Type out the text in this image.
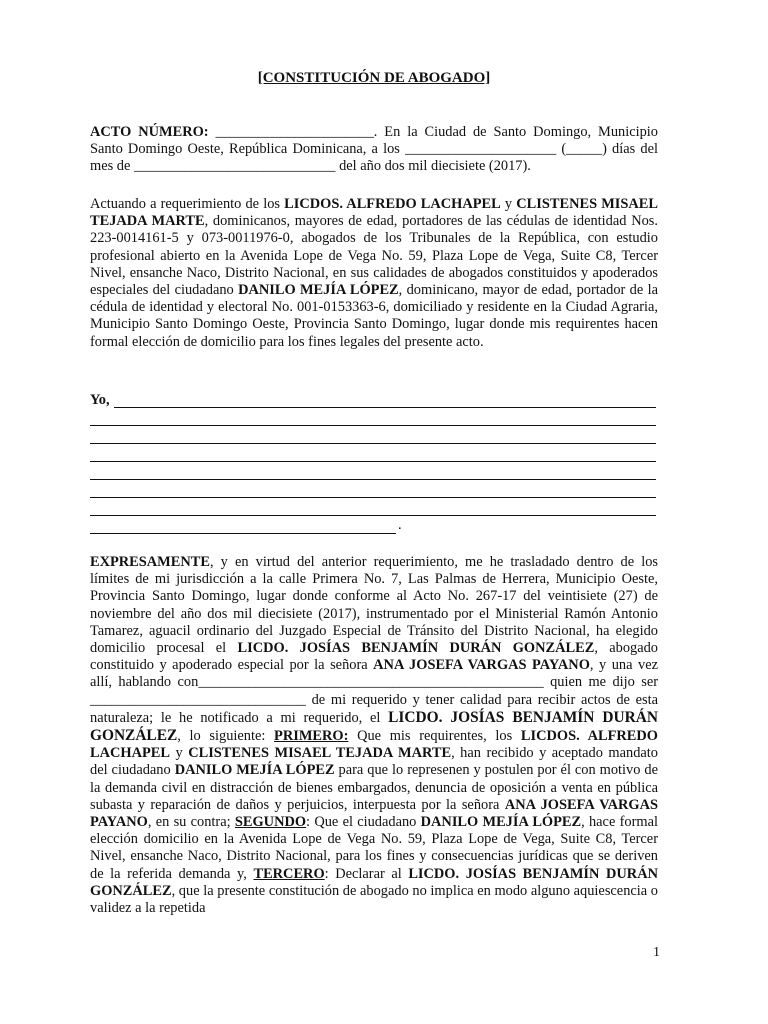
[CONSTITUCIÓN DE ABOGADO]

ACTO NÚMERO: ______________________. En la Ciudad de Santo Domingo, Municipio Santo Domingo Oeste, República Dominicana, a los _____________________ (_____) días del mes de ____________________________ del año dos mil diecisiete (2017).

Actuando a requerimiento de los LICDOS. ALFREDO LACHAPEL y CLISTENES MISAEL TEJADA MARTE, dominicanos, mayores de edad, portadores de las cédulas de identidad Nos. 223-0014161-5 y 073-0011976-0, abogados de los Tribunales de la República, con estudio profesional abierto en la Avenida Lope de Vega No. 59, Plaza Lope de Vega, Suite C8, Tercer Nivel, ensanche Naco, Distrito Nacional, en sus calidades de abogados constituidos y apoderados especiales del ciudadano DANILO MEJÍA LÓPEZ, dominicano, mayor de edad, portador de la cédula de identidad y electoral No. 001-0153363-6, domiciliado y residente en la Ciudad Agraria, Municipio Santo Domingo Oeste, Provincia Santo Domingo, lugar donde mis requirentes hacen formal elección de domicilio para los fines legales del presente acto.

Yo,
.

EXPRESAMENTE, y en virtud del anterior requerimiento, me he trasladado dentro de los límites de mi jurisdicción a la calle Primera No. 7, Las Palmas de Herrera, Municipio Oeste, Provincia Santo Domingo, lugar donde conforme al Acto No. 267-17 del veintisiete (27) de noviembre del año dos mil diecisiete (2017), instrumentado por el Ministerial Ramón Antonio Tamarez, aguacil ordinario del Juzgado Especial de Tránsito del Distrito Nacional, ha elegido domicilio procesal el LICDO. JOSÍAS BENJAMÍN DURÁN GONZÁLEZ, abogado constituido y apoderado especial por la señora ANA JOSEFA VARGAS PAYANO, y una vez allí, hablando con________________________________________________ quien me dijo ser ______________________________ de mi requerido y tener calidad para recibir actos de esta naturaleza; le he notificado a mi requerido, el LICDO. JOSÍAS BENJAMÍN DURÁN GONZÁLEZ, lo siguiente: PRIMERO: Que mis requirentes, los LICDOS. ALFREDO LACHAPEL y CLISTENES MISAEL TEJADA MARTE, han recibido y aceptado mandato del ciudadano DANILO MEJÍA LÓPEZ para que lo represenen y postulen por él con motivo de la demanda civil en distracción de bienes embargados, denuncia de oposición a venta en pública subasta y reparación de daños y perjuicios, interpuesta por la señora ANA JOSEFA VARGAS PAYANO, en su contra; SEGUNDO: Que el ciudadano DANILO MEJÍA LÓPEZ, hace formal elección domicilio en la Avenida Lope de Vega No. 59, Plaza Lope de Vega, Suite C8, Tercer Nivel, ensanche Naco, Distrito Nacional, para los fines y consecuencias jurídicas que se deriven de la referida demanda y, TERCERO: Declarar al LICDO. JOSÍAS BENJAMÍN DURÁN GONZÁLEZ, que la presente constitución de abogado no implica en modo alguno aquiescencia o validez a la repetida

1
